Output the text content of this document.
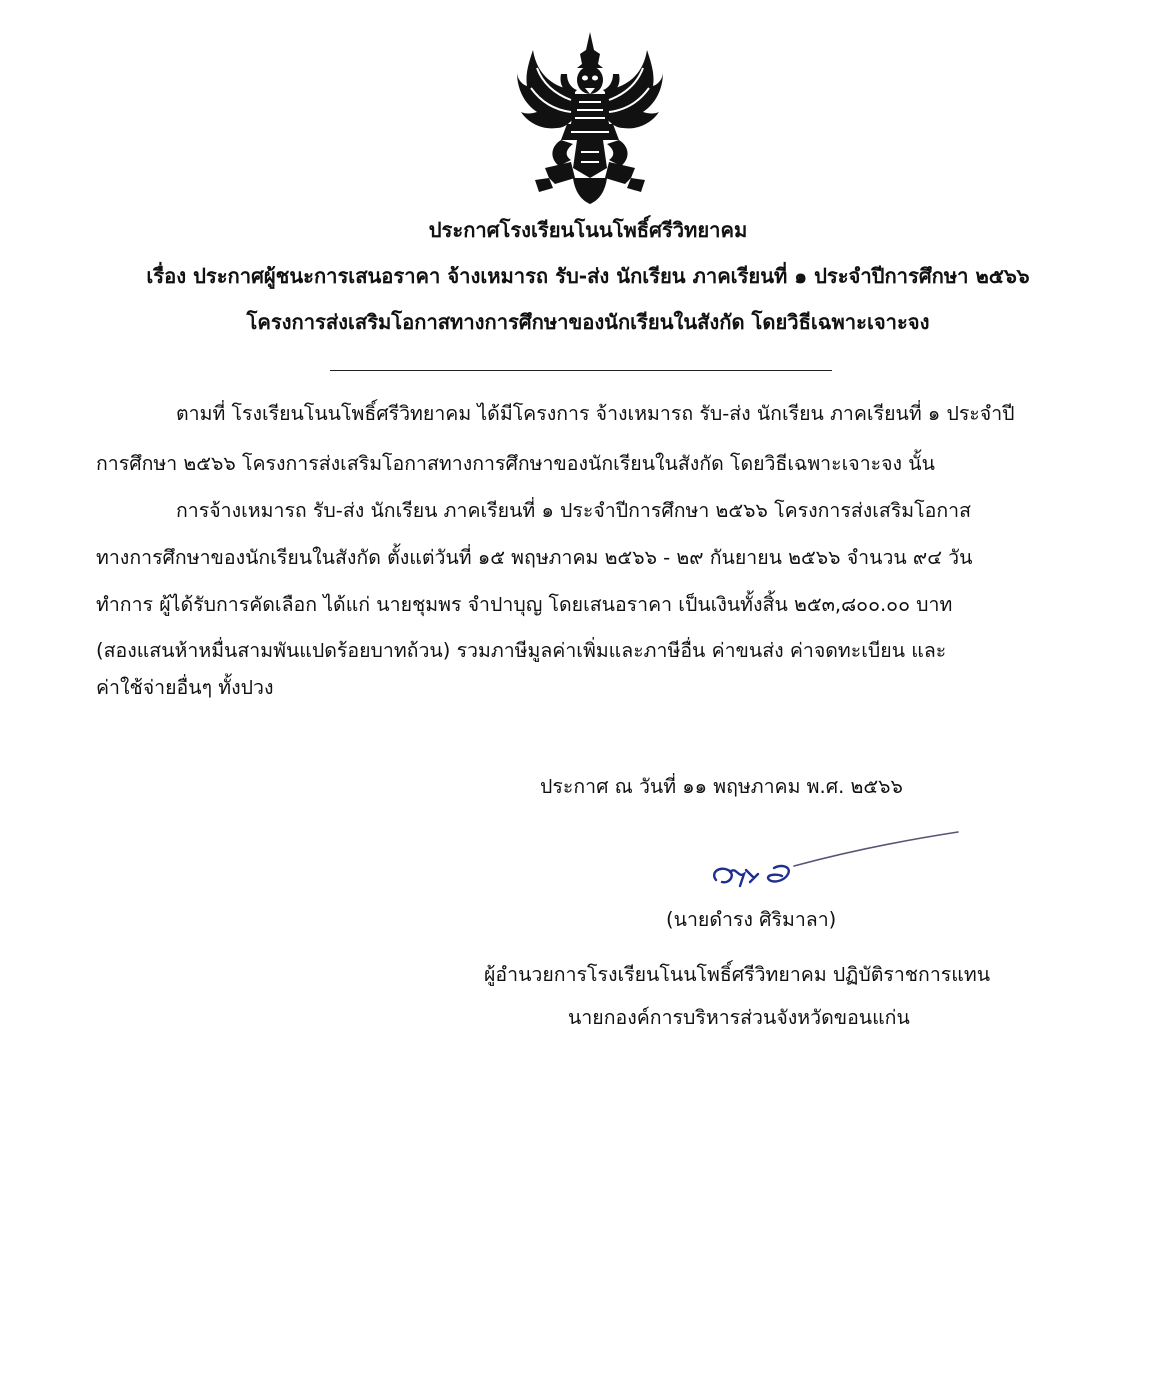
ประกาศโรงเรียนโนนโพธิ์ศรีวิทยาคม
เรื่อง ประกาศผู้ชนะการเสนอราคา จ้างเหมารถ รับ-ส่ง นักเรียน ภาคเรียนที่ ๑ ประจำปีการศึกษา ๒๕๖๖
โครงการส่งเสริมโอกาสทางการศึกษาของนักเรียนในสังกัด โดยวิธีเฉพาะเจาะจง
ตามที่ โรงเรียนโนนโพธิ์ศรีวิทยาคม ได้มีโครงการ จ้างเหมารถ รับ-ส่ง นักเรียน ภาคเรียนที่ ๑ ประจำปี
การศึกษา ๒๕๖๖ โครงการส่งเสริมโอกาสทางการศึกษาของนักเรียนในสังกัด โดยวิธีเฉพาะเจาะจง นั้น
การจ้างเหมารถ รับ-ส่ง นักเรียน ภาคเรียนที่ ๑ ประจำปีการศึกษา ๒๕๖๖ โครงการส่งเสริมโอกาส
ทางการศึกษาของนักเรียนในสังกัด ตั้งแต่วันที่ ๑๕ พฤษภาคม ๒๕๖๖ - ๒๙ กันยายน ๒๕๖๖ จำนวน ๙๔ วัน
ทำการ ผู้ได้รับการคัดเลือก ได้แก่ นายชุมพร จำปาบุญ โดยเสนอราคา เป็นเงินทั้งสิ้น ๒๕๓,๘๐๐.๐๐ บาท
(สองแสนห้าหมื่นสามพันแปดร้อยบาทถ้วน) รวมภาษีมูลค่าเพิ่มและภาษีอื่น ค่าขนส่ง ค่าจดทะเบียน และ
ค่าใช้จ่ายอื่นๆ ทั้งปวง
ประกาศ ณ วันที่ ๑๑ พฤษภาคม พ.ศ. ๒๕๖๖
(นายดำรง ศิริมาลา)
ผู้อำนวยการโรงเรียนโนนโพธิ์ศรีวิทยาคม ปฏิบัติราชการแทน
นายกองค์การบริหารส่วนจังหวัดขอนแก่น
